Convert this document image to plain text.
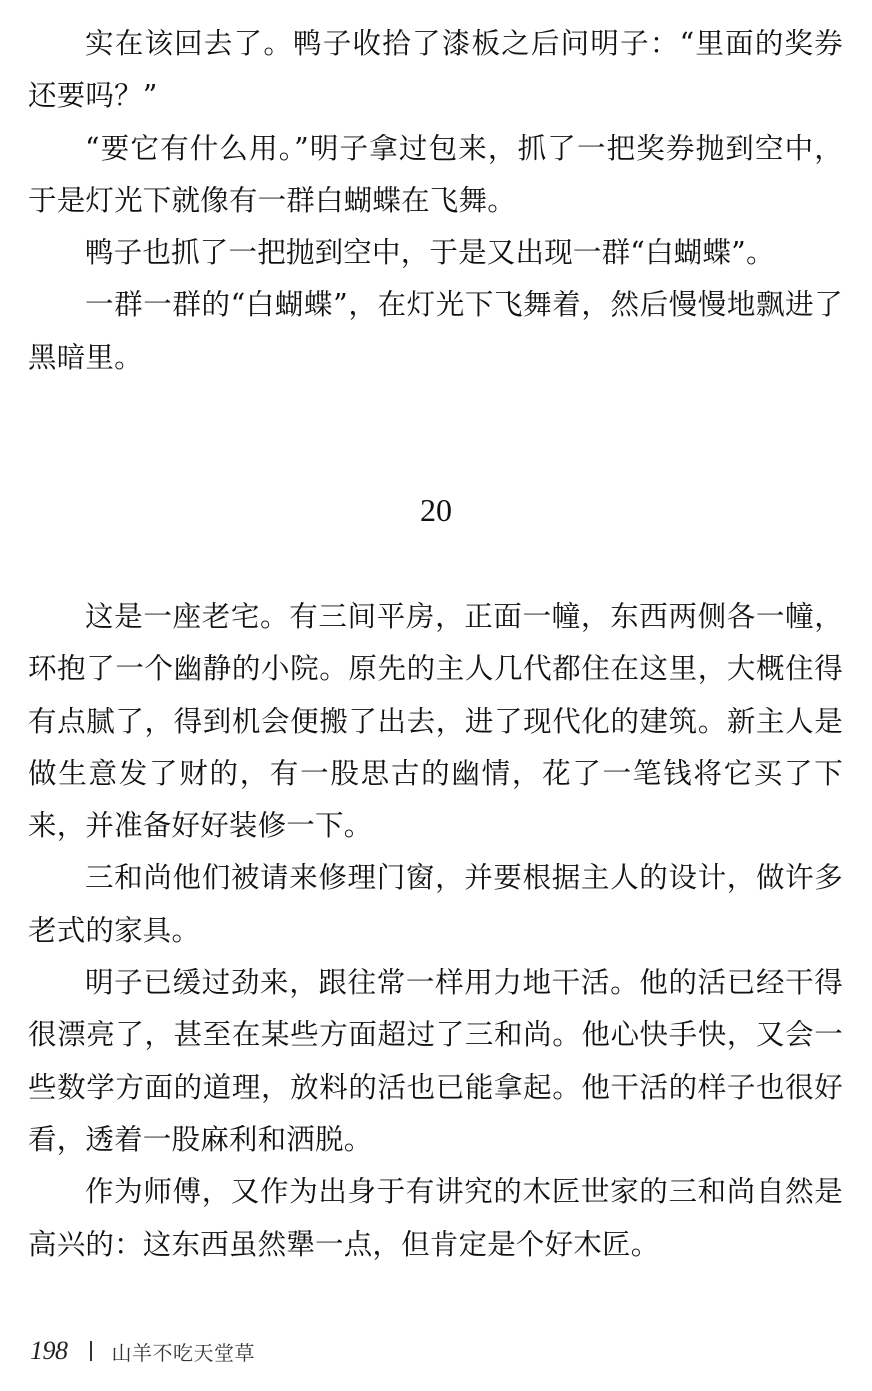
实在该回去了。鸭子收拾了漆板之后问明子：“里面的奖券还要吗？”

“要它有什么用。”明子拿过包来，抓了一把奖券抛到空中，于是灯光下就像有一群白蝴蝶在飞舞。

鸭子也抓了一把抛到空中，于是又出现一群“白蝴蝶”。

一群一群的“白蝴蝶”，在灯光下飞舞着，然后慢慢地飘进了黑暗里。

20

这是一座老宅。有三间平房，正面一幢，东西两侧各一幢，环抱了一个幽静的小院。原先的主人几代都住在这里，大概住得有点腻了，得到机会便搬了出去，进了现代化的建筑。新主人是做生意发了财的，有一股思古的幽情，花了一笔钱将它买了下来，并准备好好装修一下。

三和尚他们被请来修理门窗，并要根据主人的设计，做许多老式的家具。

明子已缓过劲来，跟往常一样用力地干活。他的活已经干得很漂亮了，甚至在某些方面超过了三和尚。他心快手快，又会一些数学方面的道理，放料的活也已能拿起。他干活的样子也很好看，透着一股麻利和洒脱。

作为师傅，又作为出身于有讲究的木匠世家的三和尚自然是高兴的：这东西虽然犟一点，但肯定是个好木匠。

198 山羊不吃天堂草
